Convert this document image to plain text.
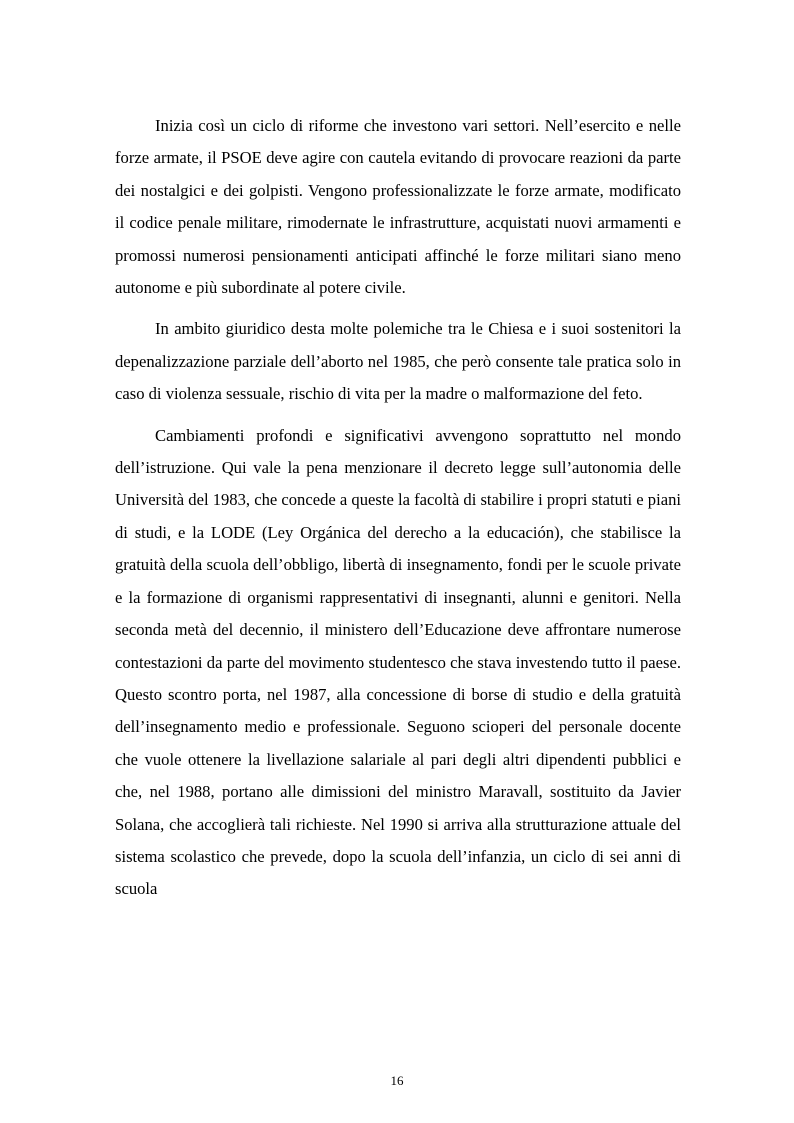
Inizia così un ciclo di riforme che investono vari settori. Nell’esercito e nelle forze armate, il PSOE deve agire con cautela evitando di provocare reazioni da parte dei nostalgici e dei golpisti. Vengono professionalizzate le forze armate, modificato il codice penale militare, rimodernate le infrastrutture, acquistati nuovi armamenti e promossi numerosi pensionamenti anticipati affinché le forze militari siano meno autonome e più subordinate al potere civile.

In ambito giuridico desta molte polemiche tra le Chiesa e i suoi sostenitori la depenalizzazione parziale dell’aborto nel 1985, che però consente tale pratica solo in caso di violenza sessuale, rischio di vita per la madre o malformazione del feto.

Cambiamenti profondi e significativi avvengono soprattutto nel mondo dell’istruzione. Qui vale la pena menzionare il decreto legge sull’autonomia delle Università del 1983, che concede a queste la facoltà di stabilire i propri statuti e piani di studi, e la LODE (Ley Orgánica del derecho a la educación), che stabilisce la gratuità della scuola dell’obbligo, libertà di insegnamento, fondi per le scuole private e la formazione di organismi rappresentativi di insegnanti, alunni e genitori. Nella seconda metà del decennio, il ministero dell’Educazione deve affrontare numerose contestazioni da parte del movimento studentesco che stava investendo tutto il paese. Questo scontro porta, nel 1987, alla concessione di borse di studio e della gratuità dell’insegnamento medio e professionale. Seguono scioperi del personale docente che vuole ottenere la livellazione salariale al pari degli altri dipendenti pubblici e che, nel 1988, portano alle dimissioni del ministro Maravall, sostituito da Javier Solana, che accoglierà tali richieste. Nel 1990 si arriva alla strutturazione attuale del sistema scolastico che prevede, dopo la scuola dell’infanzia, un ciclo di sei anni di scuola

16
